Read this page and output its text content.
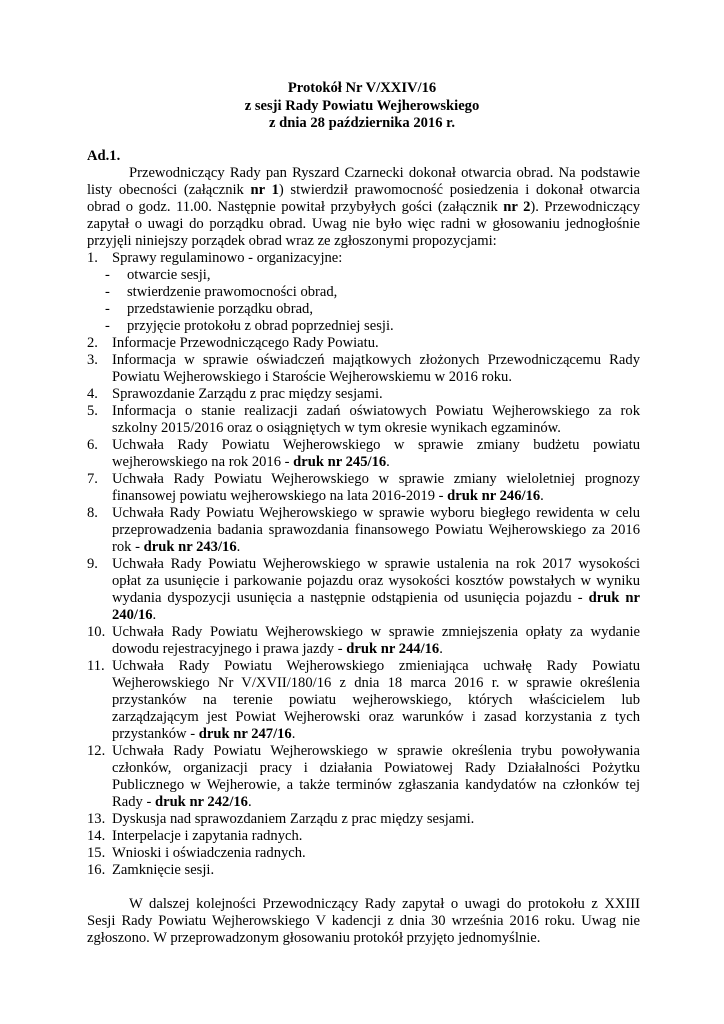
Protokół Nr V/XXIV/16
z sesji Rady Powiatu Wejherowskiego
z dnia 28 października 2016 r.
Ad.1.
Przewodniczący Rady pan Ryszard Czarnecki dokonał otwarcia obrad. Na podstawie listy obecności (załącznik nr 1) stwierdził prawomocność posiedzenia i dokonał otwarcia obrad o godz. 11.00. Następnie powitał przybyłych gości (załącznik nr 2). Przewodniczący zapytał o uwagi do porządku obrad. Uwag nie było więc radni w głosowaniu jednogłośnie przyjęli niniejszy porządek obrad wraz ze zgłoszonymi propozycjami:
1. Sprawy regulaminowo - organizacyjne:
- otwarcie sesji,
- stwierdzenie prawomocności obrad,
- przedstawienie porządku obrad,
- przyjęcie protokołu z obrad poprzedniej sesji.
2. Informacje Przewodniczącego Rady Powiatu.
3. Informacja w sprawie oświadczeń majątkowych złożonych Przewodniczącemu Rady Powiatu Wejherowskiego i Staroście Wejherowskiemu w 2016 roku.
4. Sprawozdanie Zarządu z prac między sesjami.
5. Informacja o stanie realizacji zadań oświatowych Powiatu Wejherowskiego za rok szkolny 2015/2016 oraz o osiągniętych w tym okresie wynikach egzaminów.
6. Uchwała Rady Powiatu Wejherowskiego w sprawie zmiany budżetu powiatu wejherowskiego na rok 2016 - druk nr 245/16.
7. Uchwała Rady Powiatu Wejherowskiego w sprawie zmiany wieloletniej prognozy finansowej powiatu wejherowskiego na lata 2016-2019 - druk nr 246/16.
8. Uchwała Rady Powiatu Wejherowskiego w sprawie wyboru biegłego rewidenta w celu przeprowadzenia badania sprawozdania finansowego Powiatu Wejherowskiego za 2016 rok - druk nr 243/16.
9. Uchwała Rady Powiatu Wejherowskiego w sprawie ustalenia na rok 2017 wysokości opłat za usunięcie i parkowanie pojazdu oraz wysokości kosztów powstałych w wyniku wydania dyspozycji usunięcia a następnie odstąpienia od usunięcia pojazdu - druk nr 240/16.
10. Uchwała Rady Powiatu Wejherowskiego w sprawie zmniejszenia opłaty za wydanie dowodu rejestracyjnego i prawa jazdy - druk nr 244/16.
11. Uchwała Rady Powiatu Wejherowskiego zmieniająca uchwałę Rady Powiatu Wejherowskiego Nr V/XVII/180/16 z dnia 18 marca 2016 r. w sprawie określenia przystanków na terenie powiatu wejherowskiego, których właścicielem lub zarządzającym jest Powiat Wejherowski oraz warunków i zasad korzystania z tych przystanków - druk nr 247/16.
12. Uchwała Rady Powiatu Wejherowskiego w sprawie określenia trybu powoływania członków, organizacji pracy i działania Powiatowej Rady Działalności Pożytku Publicznego w Wejherowie, a także terminów zgłaszania kandydatów na członków tej Rady - druk nr 242/16.
13. Dyskusja nad sprawozdaniem Zarządu z prac między sesjami.
14. Interpelacje i zapytania radnych.
15. Wnioski i oświadczenia radnych.
16. Zamknięcie sesji.
W dalszej kolejności Przewodniczący Rady zapytał o uwagi do protokołu z XXIII Sesji Rady Powiatu Wejherowskiego V kadencji z dnia 30 września 2016 roku. Uwag nie zgłoszono. W przeprowadzonym głosowaniu protokół przyjęto jednomyślnie.
